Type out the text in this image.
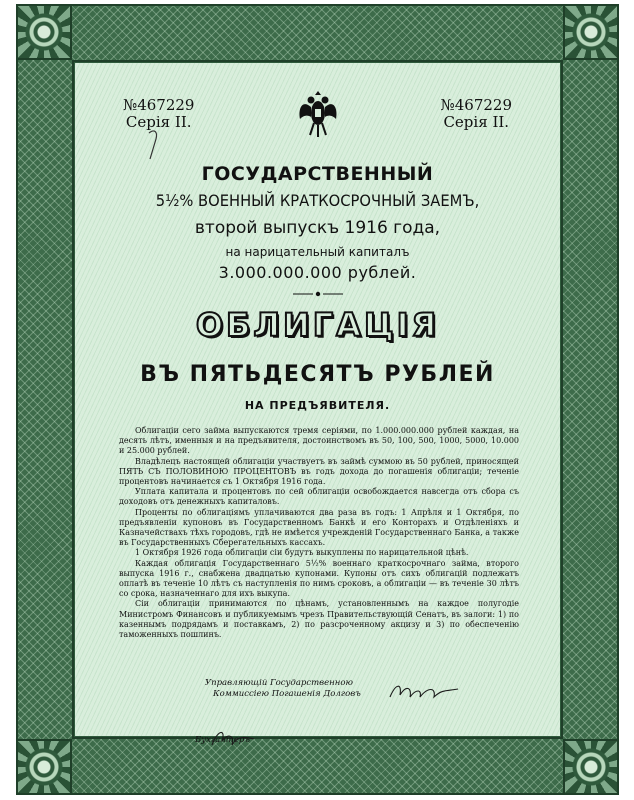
№467229
Серія II.
№467229
Серія II.
ГОСУДАРСТВЕННЫЙ
5½% ВОЕННЫЙ КРАТКОСРОЧНЫЙ ЗАЕМЪ,
второй выпускъ 1916 года,
на нарицательный капиталъ
3.000.000.000 рублей.
ОБЛИГАЦІЯ
ВЪ ПЯТЬДЕСЯТЪ РУБЛЕЙ
НА ПРЕДЪЯВИТЕЛЯ.

Облигаціи сего займа выпускаются тремя серіями, по 1.000.000.000 рублей каждая, на десять лѣтъ, именныя и на предъявителя, достоинствомъ въ 50, 100, 500, 1000, 5000, 10.000 и 25.000 рублей.

Владѣлецъ настоящей облигаціи участвуетъ въ займѣ суммою въ 50 рублей, приносящей ПЯТЬ СЪ ПОЛОВИНОЮ ПРОЦЕНТОВЪ въ годъ дохода до погашенія облигаціи; теченіе процентовъ начинается съ 1 Октября 1916 года.

Уплата капитала и процентовъ по сей облигаціи освобождается навсегда отъ сбора съ доходовъ отъ денежныхъ капиталовъ.

Проценты по облигаціямъ уплачиваются два раза въ годъ: 1 Апрѣля и 1 Октября, по предъявленіи купоновъ въ Государственномъ Банкѣ и его Конторахъ и Отдѣленіяхъ и Казначействахъ тѣхъ городовъ, гдѣ не имѣется учрежденій Государственнаго Банка, а также въ Государственныхъ Сберегательныхъ кассахъ.

1 Октября 1926 года облигаціи сіи будутъ выкуплены по нарицательной цѣнѣ.

Каждая облигація Государственнаго 5½% военнаго краткосрочнаго займа, второго выпуска 1916 г., снабжена двадцатью купонами. Купоны отъ сихъ облигацій подлежатъ оплатѣ въ теченіе 10 лѣтъ съ наступленія по нимъ сроковъ, а облигаціи — въ теченіе 30 лѣтъ со срока, назначеннаго для ихъ выкупа.

Сіи облигаціи принимаются по цѣнамъ, установленнымъ на каждое полугодіе Министромъ Финансовъ и публикуемымъ чрезъ Правительствующій Сенатъ, въ залоги: 1) по казеннымъ подрядамъ и поставкамъ, 2) по разсроченному акцизу и 3) по обеспеченію таможенныхъ пошлинъ.

Управляющій Государственною
Коммиссіею Погашенія Долговъ
Бухгалтеръ
